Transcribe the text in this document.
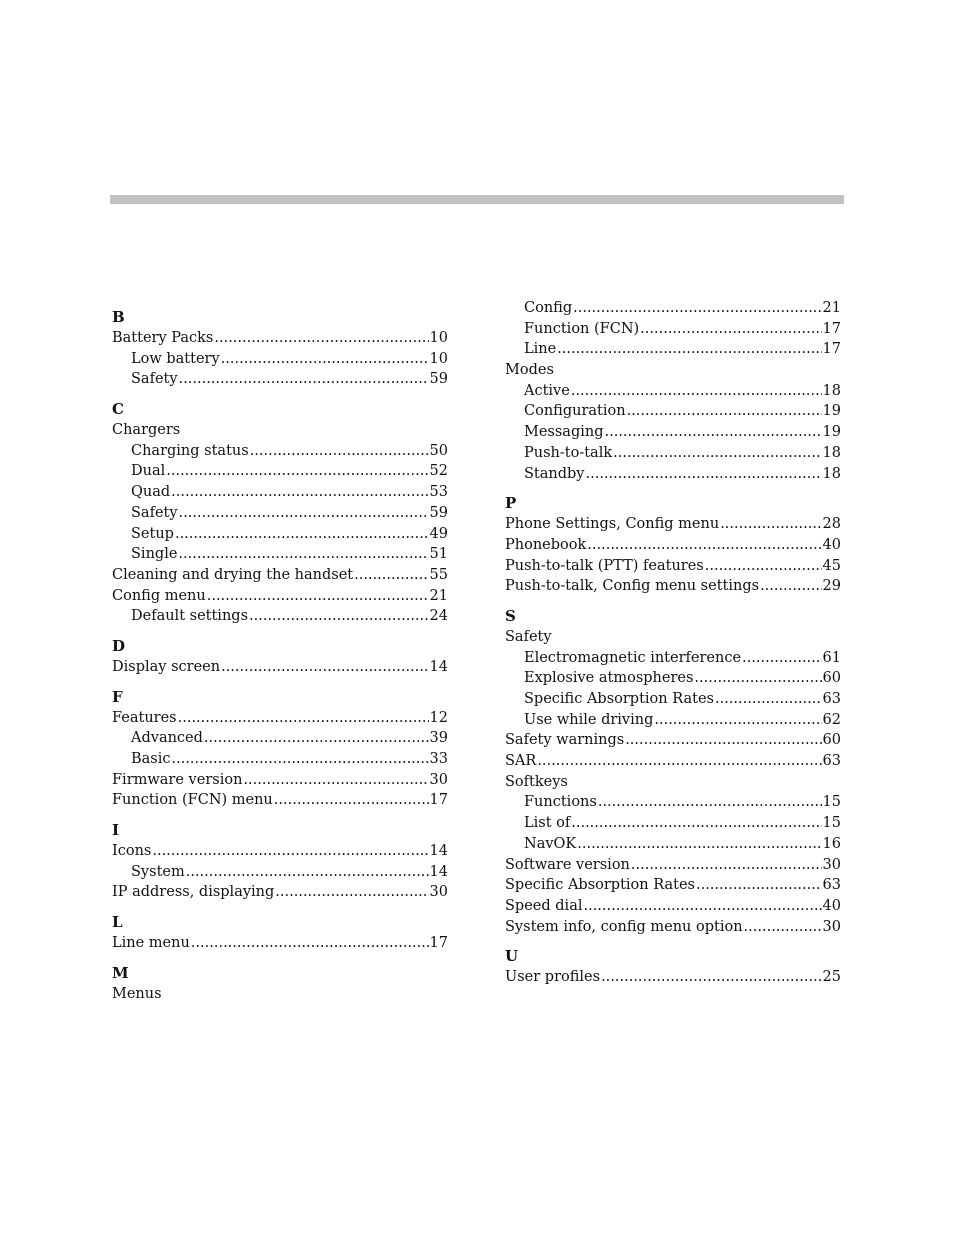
B
Battery Packs .....	10
Low battery .....	10
Safety .....	59
C
Chargers
Charging status .....	50
Dual .....	52
Quad .....	53
Safety .....	59
Setup .....	49
Single .....	51
Cleaning and drying the handset .....	55
Config menu .....	21
Default settings .....	24
D
Display screen .....	14
F
Features .....	12
Advanced .....	39
Basic .....	33
Firmware version .....	30
Function (FCN) menu .....	17
I
Icons .....	14
System .....	14
IP address, displaying .....	30
L
Line menu .....	17
M
Menus
Config .....	21
Function (FCN) .....	17
Line .....	17
Modes
Active .....	18
Configuration .....	19
Messaging .....	19
Push-to-talk .....	18
Standby .....	18
P
Phone Settings, Config menu .....	28
Phonebook .....	40
Push-to-talk (PTT) features .....	45
Push-to-talk, Config menu settings .....	29
S
Safety
Electromagnetic interference .....	61
Explosive atmospheres .....	60
Specific Absorption Rates .....	63
Use while driving .....	62
Safety warnings .....	60
SAR .....	63
Softkeys
Functions .....	15
List of .....	15
NavOK .....	16
Software version .....	30
Specific Absorption Rates .....	63
Speed dial .....	40
System info, config menu option .....	30
U
User profiles .....	25
